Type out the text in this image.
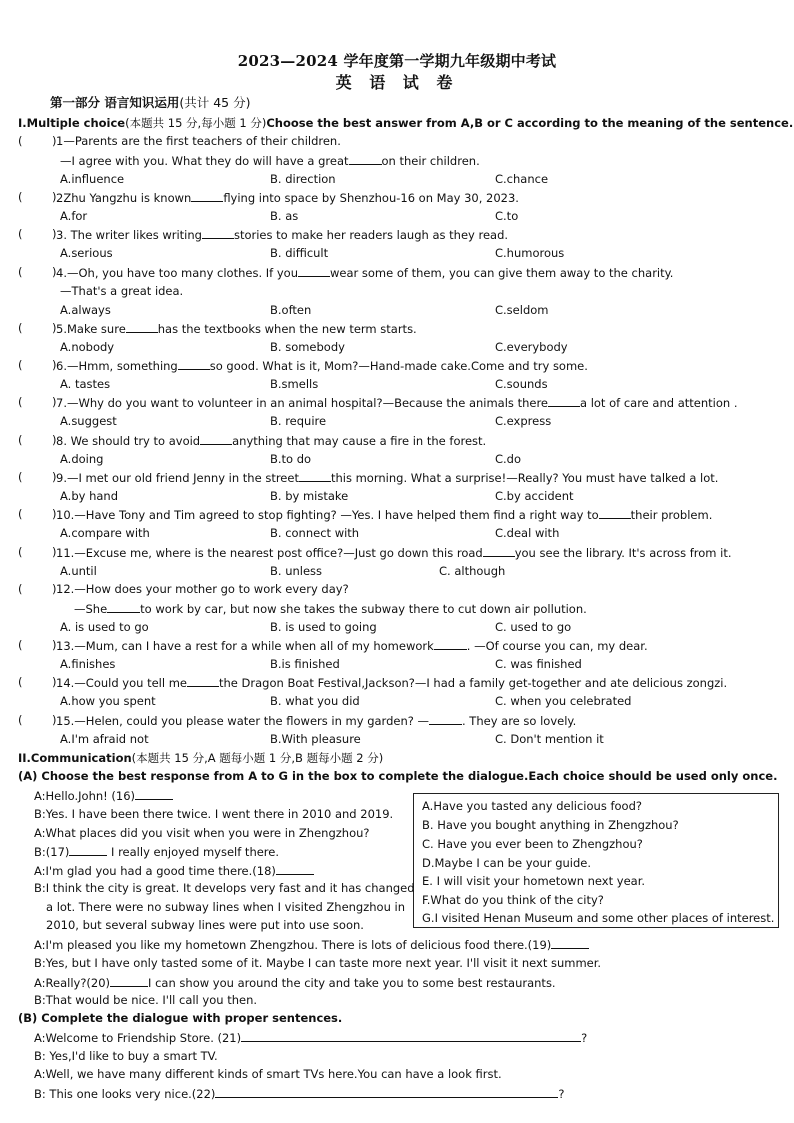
2023—2024 学年度第一学期九年级期中考试
英 语 试 卷
第一部分 语言知识运用(共计 45 分)
I.Multiple choice(本题共 15 分,每小题 1 分)Choose the best answer from A,B or C according to the meaning of the sentence.
(	) 1—Parents are the first teachers of their children.
—I agree with you. What they do will have a great	on their children.
A.influence	B. direction	C.chance
(	) 2Zhu Yangzhu is known	flying into space by Shenzhou-16 on May 30, 2023.
A.for	B. as	C.to
(	) 3. The writer likes writing	stories to make her readers laugh as they read.
A.serious	B. difficult	C.humorous
(	) 4.—Oh, you have too many clothes. If you	wear some of them, you can give them away to the charity.
—That's a great idea.
A.always	B.often	C.seldom
(	) 5.Make sure	has the textbooks when the new term starts.
A.nobody	B. somebody	C.everybody
(	) 6.—Hmm, something	so good. What is it, Mom?—Hand-made cake.Come and try some.
A. tastes	B.smells	C.sounds
(	) 7.—Why do you want to volunteer in an animal hospital?—Because the animals there	a lot of care and attention .
A.suggest	B. require	C.express
(	) 8. We should try to avoid	anything that may cause a fire in the forest.
A.doing	B.to do	C.do
(	) 9.—I met our old friend Jenny in the street	this morning. What a surprise!—Really? You must have talked a lot.
A.by hand	B. by mistake	C.by accident
(	) 10.—Have Tony and Tim agreed to stop fighting? —Yes. I have helped them find a right way to	their problem.
A.compare with	B. connect with	C.deal with
(	) 11.—Excuse me, where is the nearest post office?—Just go down this road	you see the library. It's across from it.
A.until	B. unless	C. although
(	) 12.—How does your mother go to work every day?
—She	to work by car, but now she takes the subway there to cut down air pollution.
A. is used to go	B. is used to going	C. used to go
(	) 13.—Mum, can I have a rest for a while when all of my homework	. —Of course you can, my dear.
A.finishes	B.is finished	C. was finished
(	) 14.—Could you tell me	the Dragon Boat Festival,Jackson?—I had a family get-together and ate delicious zongzi.
A.how you spent	B. what you did	C. when you celebrated
(	) 15.—Helen, could you please water the flowers in my garden? —	. They are so lovely.
A.I'm afraid not	B.With pleasure	C. Don't mention it
II.Communication(本题共 15 分,A 题每小题 1 分,B 题每小题 2 分)
(A) Choose the best response from A to G in the box to complete the dialogue.Each choice should be used only once.
A.Have you tasted any delicious food?
B. Have you bought anything in Zhengzhou?
C. Have you ever been to Zhengzhou?
D.Maybe I can be your guide.
E. I will visit your hometown next year.
F.What do you think of the city?
G.I visited Henan Museum and some other places of interest.
A:Hello.John! (16)
B:Yes. I have been there twice. I went there in 2010 and 2019.
A:What places did you visit when you were in Zhengzhou?
B:(17)	I really enjoyed myself there.
A:I'm glad you had a good time there.(18)
B:I think the city is great. It develops very fast and it has changed
a lot. There were no subway lines when I visited Zhengzhou in
2010, but several subway lines were put into use soon.
A:I'm pleased you like my hometown Zhengzhou. There is lots of delicious food there.(19)
B:Yes, but I have only tasted some of it. Maybe I can taste more next year. I'll visit it next summer.
A:Really?(20)	I can show you around the city and take you to some best restaurants.
B:That would be nice. I'll call you then.
(B) Complete the dialogue with proper sentences.
A:Welcome to Friendship Store. (21)	?
B: Yes,I'd like to buy a smart TV.
A:Well, we have many different kinds of smart TVs here.You can have a look first.
B: This one looks very nice.(22)	?
